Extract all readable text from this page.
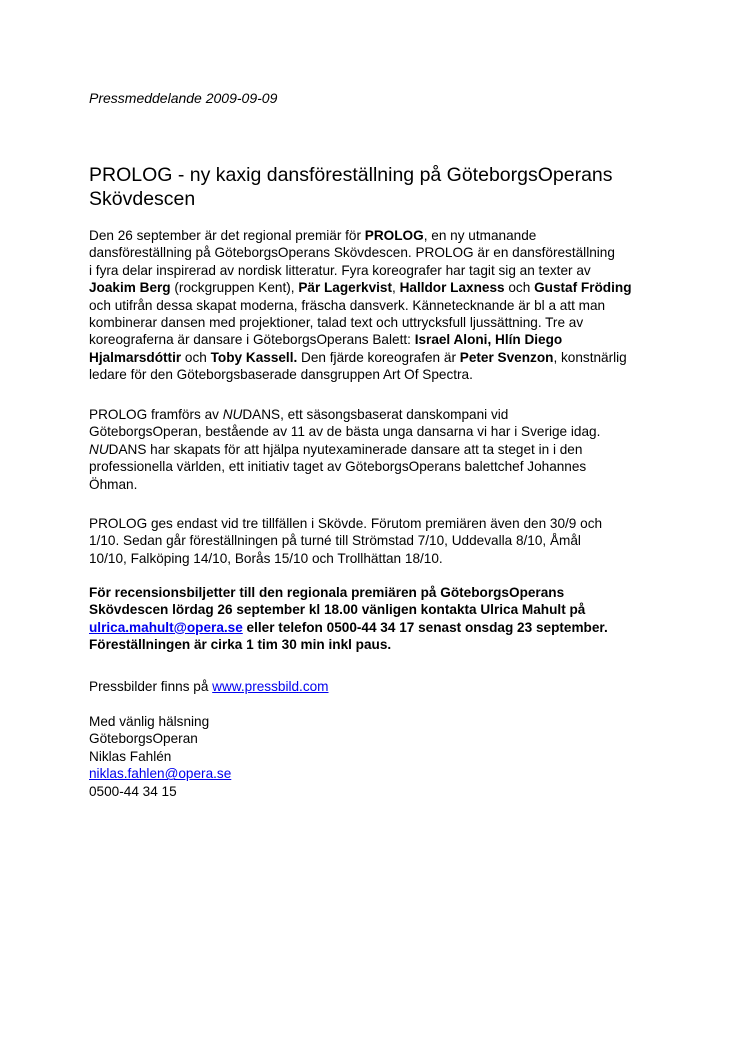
Pressmeddelande 2009-09-09
PROLOG - ny kaxig dansföreställning på GöteborgsOperans
Skövdescen
Den 26 september är det regional premiär för PROLOG, en ny utmanande
dansföreställning på GöteborgsOperans Skövdescen. PROLOG är en dansföreställning
i fyra delar inspirerad av nordisk litteratur. Fyra koreografer har tagit sig an texter av
Joakim Berg (rockgruppen Kent), Pär Lagerkvist, Halldor Laxness och Gustaf Fröding
och utifrån dessa skapat moderna, fräscha dansverk. Kännetecknande är bl a att man
kombinerar dansen med projektioner, talad text och uttrycksfull ljussättning. Tre av
koreograferna är dansare i GöteborgsOperans Balett: Israel Aloni, Hlín Diego
Hjalmarsdóttir och Toby Kassell. Den fjärde koreografen är Peter Svenzon, konstnärlig
ledare för den Göteborgsbaserade dansgruppen Art Of Spectra.
PROLOG framförs av NUDANS, ett säsongsbaserat danskompani vid
GöteborgsOperan, bestående av 11 av de bästa unga dansarna vi har i Sverige idag.
NUDANS har skapats för att hjälpa nyutexaminerade dansare att ta steget in i den
professionella världen, ett initiativ taget av GöteborgsOperans balettchef Johannes
Öhman.
PROLOG ges endast vid tre tillfällen i Skövde. Förutom premiären även den 30/9 och
1/10. Sedan går föreställningen på turné till Strömstad 7/10, Uddevalla 8/10, Åmål
10/10, Falköping 14/10, Borås 15/10 och Trollhättan 18/10.
För recensionsbiljetter till den regionala premiären på GöteborgsOperans
Skövdescen lördag 26 september kl 18.00 vänligen kontakta Ulrica Mahult på
ulrica.mahult@opera.se eller telefon 0500-44 34 17 senast onsdag 23 september.
Föreställningen är cirka 1 tim 30 min inkl paus.
Pressbilder finns på www.pressbild.com
Med vänlig hälsning
GöteborgsOperan
Niklas Fahlén
niklas.fahlen@opera.se
0500-44 34 15
